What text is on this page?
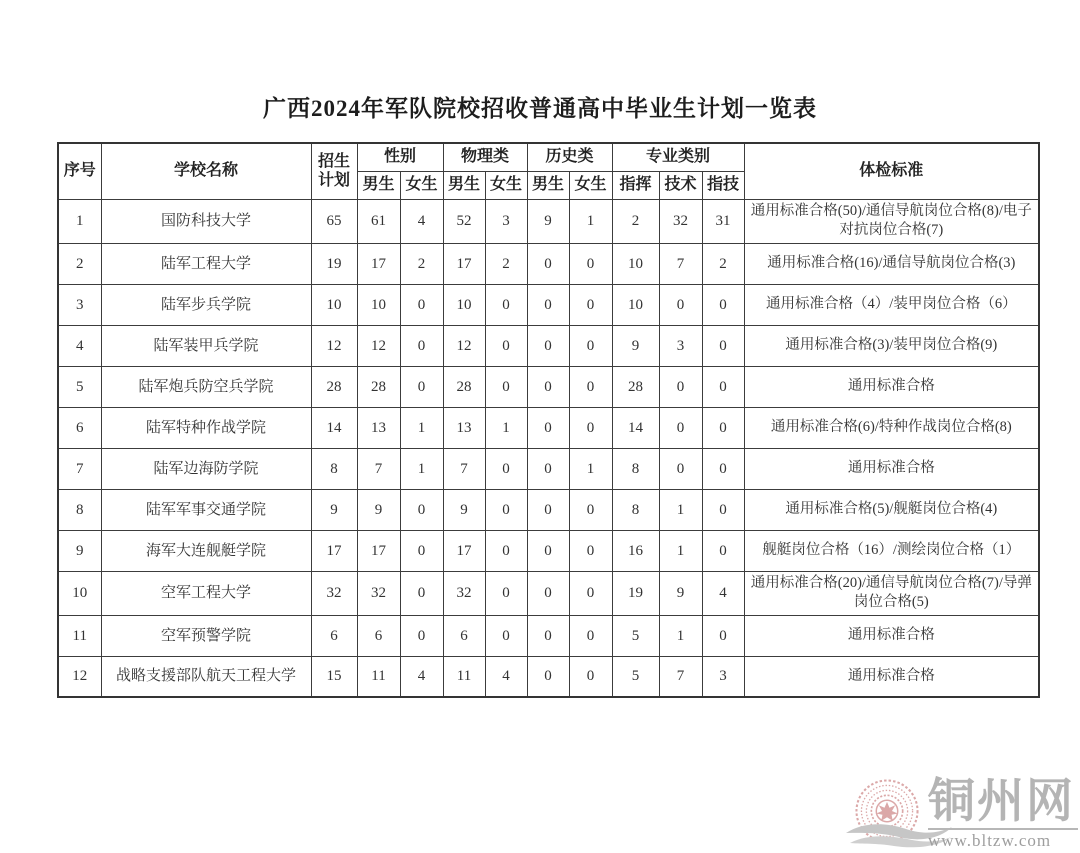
广西2024年军队院校招收普通高中毕业生计划一览表
序号	学校名称	招生计划	性别		物理类		历史类		专业类别			体检标准
			男生	女生	男生	女生	男生	女生	指挥	技术	指技	
1	国防科技大学	65	61	4	52	3	9	1	2	32	31	通用标准合格(50)/通信导航岗位合格(8)/电子对抗岗位合格(7)
2	陆军工程大学	19	17	2	17	2	0	0	10	7	2	通用标准合格(16)/通信导航岗位合格(3)
3	陆军步兵学院	10	10	0	10	0	0	0	10	0	0	通用标准合格（4）/装甲岗位合格（6）
4	陆军装甲兵学院	12	12	0	12	0	0	0	9	3	0	通用标准合格(3)/装甲岗位合格(9)
5	陆军炮兵防空兵学院	28	28	0	28	0	0	0	28	0	0	通用标准合格
6	陆军特种作战学院	14	13	1	13	1	0	0	14	0	0	通用标准合格(6)/特种作战岗位合格(8)
7	陆军边海防学院	8	7	1	7	0	0	1	8	0	0	通用标准合格
8	陆军军事交通学院	9	9	0	9	0	0	0	8	1	0	通用标准合格(5)/舰艇岗位合格(4)
9	海军大连舰艇学院	17	17	0	17	0	0	0	16	1	0	舰艇岗位合格（16）/测绘岗位合格（1）
10	空军工程大学	32	32	0	32	0	0	0	19	9	4	通用标准合格(20)/通信导航岗位合格(7)/导弹岗位合格(5)
11	空军预警学院	6	6	0	6	0	0	0	5	1	0	通用标准合格
12	战略支援部队航天工程大学	15	11	4	11	4	0	0	5	7	3	通用标准合格
铜州网
www.bltzw.com
